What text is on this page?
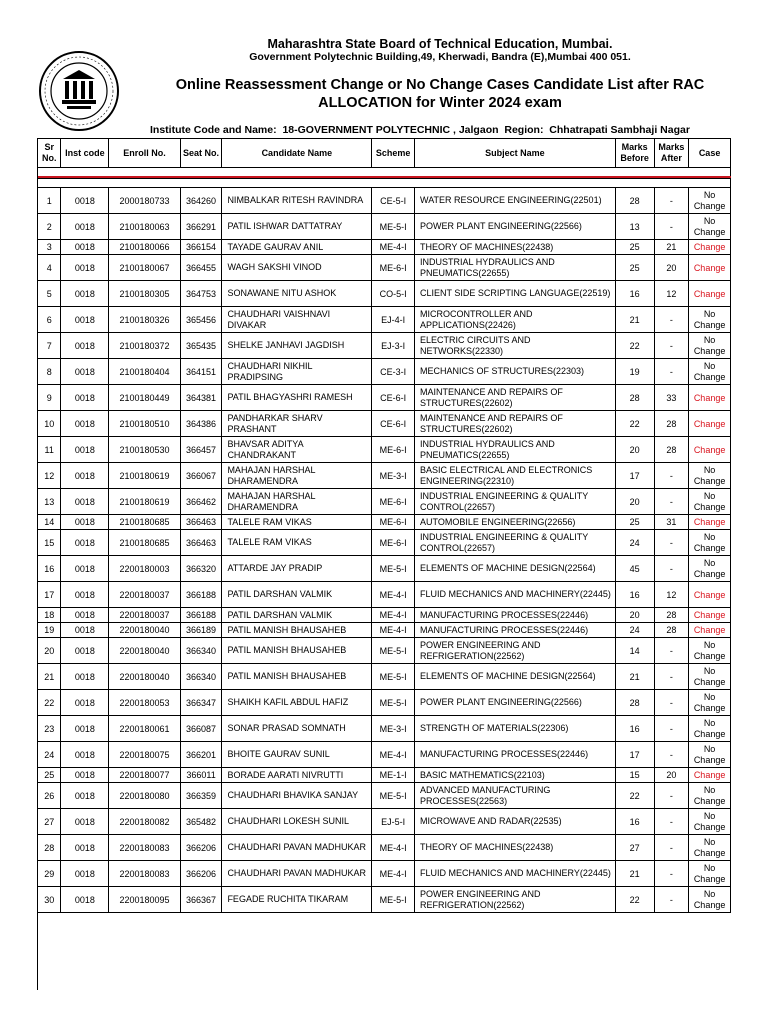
Maharashtra State Board of Technical Education, Mumbai.
Government Polytechnic Building,49, Kherwadi, Bandra (E),Mumbai 400 051.
Online Reassessment Change or No Change Cases Candidate List after RAC
ALLOCATION for Winter 2024 exam
Institute Code and Name: 18-GOVERNMENT POLYTECHNIC , Jalgaon Region: Chhatrapati Sambhaji Nagar
Sr No.	Inst code	Enroll No.	Seat No.	Candidate Name	Scheme	Subject Name	Marks Before	Marks After	Case

1	0018	2000180733	364260	NIMBALKAR RITESH RAVINDRA	CE-5-I	WATER RESOURCE ENGINEERING(22501)	28	-	No Change
2	0018	2100180063	366291	PATIL ISHWAR DATTATRAY	ME-5-I	POWER PLANT ENGINEERING(22566)	13	-	No Change
3	0018	2100180066	366154	TAYADE GAURAV ANIL	ME-4-I	THEORY OF MACHINES(22438)	25	21	Change
4	0018	2100180067	366455	WAGH SAKSHI VINOD	ME-6-I	INDUSTRIAL HYDRAULICS AND PNEUMATICS(22655)	25	20	Change
5	0018	2100180305	364753	SONAWANE NITU ASHOK	CO-5-I	CLIENT SIDE SCRIPTING LANGUAGE(22519)	16	12	Change
6	0018	2100180326	365456	CHAUDHARI VAISHNAVI DIVAKAR	EJ-4-I	MICROCONTROLLER AND APPLICATIONS(22426)	21	-	No Change
7	0018	2100180372	365435	SHELKE JANHAVI JAGDISH	EJ-3-I	ELECTRIC CIRCUITS AND NETWORKS(22330)	22	-	No Change
8	0018	2100180404	364151	CHAUDHARI NIKHIL PRADIPSING	CE-3-I	MECHANICS OF STRUCTURES(22303)	19	-	No Change
9	0018	2100180449	364381	PATIL BHAGYASHRI RAMESH	CE-6-I	MAINTENANCE AND REPAIRS OF STRUCTURES(22602)	28	33	Change
10	0018	2100180510	364386	PANDHARKAR SHARV PRASHANT	CE-6-I	MAINTENANCE AND REPAIRS OF STRUCTURES(22602)	22	28	Change
11	0018	2100180530	366457	BHAVSAR ADITYA CHANDRAKANT	ME-6-I	INDUSTRIAL HYDRAULICS AND PNEUMATICS(22655)	20	28	Change
12	0018	2100180619	366067	MAHAJAN HARSHAL DHARAMENDRA	ME-3-I	BASIC ELECTRICAL AND ELECTRONICS ENGINEERING(22310)	17	-	No Change
13	0018	2100180619	366462	MAHAJAN HARSHAL DHARAMENDRA	ME-6-I	INDUSTRIAL ENGINEERING & QUALITY CONTROL(22657)	20	-	No Change
14	0018	2100180685	366463	TALELE RAM VIKAS	ME-6-I	AUTOMOBILE ENGINEERING(22656)	25	31	Change
15	0018	2100180685	366463	TALELE RAM VIKAS	ME-6-I	INDUSTRIAL ENGINEERING & QUALITY CONTROL(22657)	24	-	No Change
16	0018	2200180003	366320	ATTARDE JAY PRADIP	ME-5-I	ELEMENTS OF MACHINE DESIGN(22564)	45	-	No Change
17	0018	2200180037	366188	PATIL DARSHAN VALMIK	ME-4-I	FLUID MECHANICS AND MACHINERY(22445)	16	12	Change
18	0018	2200180037	366188	PATIL DARSHAN VALMIK	ME-4-I	MANUFACTURING PROCESSES(22446)	20	28	Change
19	0018	2200180040	366189	PATIL MANISH BHAUSAHEB	ME-4-I	MANUFACTURING PROCESSES(22446)	24	28	Change
20	0018	2200180040	366340	PATIL MANISH BHAUSAHEB	ME-5-I	POWER ENGINEERING AND REFRIGERATION(22562)	14	-	No Change
21	0018	2200180040	366340	PATIL MANISH BHAUSAHEB	ME-5-I	ELEMENTS OF MACHINE DESIGN(22564)	21	-	No Change
22	0018	2200180053	366347	SHAIKH KAFIL ABDUL HAFIZ	ME-5-I	POWER PLANT ENGINEERING(22566)	28	-	No Change
23	0018	2200180061	366087	SONAR PRASAD SOMNATH	ME-3-I	STRENGTH OF MATERIALS(22306)	16	-	No Change
24	0018	2200180075	366201	BHOITE GAURAV SUNIL	ME-4-I	MANUFACTURING PROCESSES(22446)	17	-	No Change
25	0018	2200180077	366011	BORADE AARATI NIVRUTTI	ME-1-I	BASIC MATHEMATICS(22103)	15	20	Change
26	0018	2200180080	366359	CHAUDHARI BHAVIKA SANJAY	ME-5-I	ADVANCED MANUFACTURING PROCESSES(22563)	22	-	No Change
27	0018	2200180082	365482	CHAUDHARI LOKESH SUNIL	EJ-5-I	MICROWAVE AND RADAR(22535)	16	-	No Change
28	0018	2200180083	366206	CHAUDHARI PAVAN MADHUKAR	ME-4-I	THEORY OF MACHINES(22438)	27	-	No Change
29	0018	2200180083	366206	CHAUDHARI PAVAN MADHUKAR	ME-4-I	FLUID MECHANICS AND MACHINERY(22445)	21	-	No Change
30	0018	2200180095	366367	FEGADE RUCHITA TIKARAM	ME-5-I	POWER ENGINEERING AND REFRIGERATION(22562)	22	-	No Change
